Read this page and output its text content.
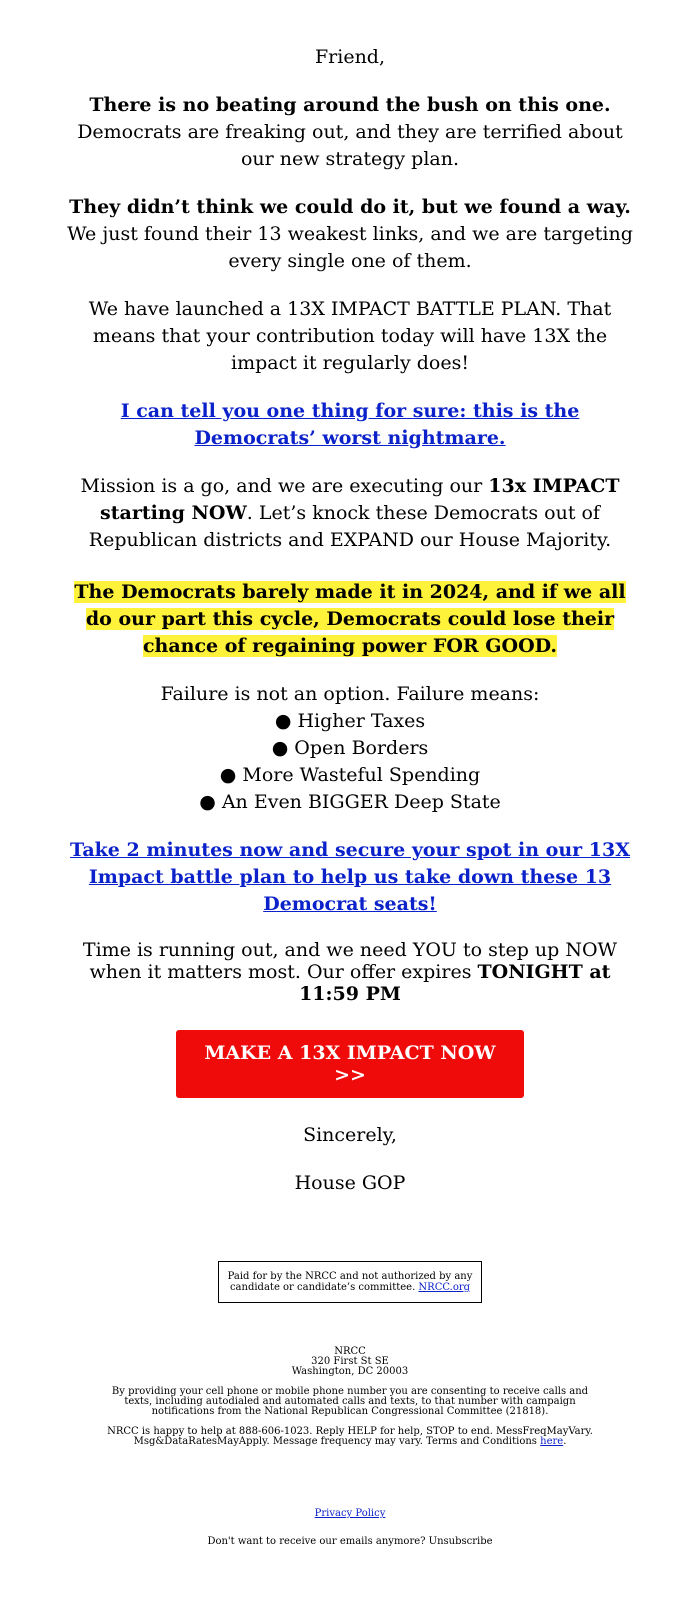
Friend,

There is no beating around the bush on this one. Democrats are freaking out, and they are terrified about our new strategy plan.

They didn’t think we could do it, but we found a way. We just found their 13 weakest links, and we are targeting every single one of them.

We have launched a 13X IMPACT BATTLE PLAN. That means that your contribution today will have 13X the impact it regularly does!

I can tell you one thing for sure: this is the Democrats’ worst nightmare.

Mission is a go, and we are executing our 13x IMPACT starting NOW. Let’s knock these Democrats out of Republican districts and EXPAND our House Majority.

The Democrats barely made it in 2024, and if we all do our part this cycle, Democrats could lose their chance of regaining power FOR GOOD.

Failure is not an option. Failure means:

● Higher Taxes
● Open Borders
● More Wasteful Spending
● An Even BIGGER Deep State

Take 2 minutes now and secure your spot in our 13X Impact battle plan to help us take down these 13 Democrat seats!

Time is running out, and we need YOU to step up NOW when it matters most. Our offer expires TONIGHT at 11:59 PM

MAKE A 13X IMPACT NOW >>

Sincerely,

House GOP

Paid for by the NRCC and not authorized by any candidate or candidate’s committee. NRCC.org
NRCC
320 First St SE
Washington, DC 20003
By providing your cell phone or mobile phone number you are consenting to receive calls and texts, including autodialed and automated calls and texts, to that number with campaign notifications from the National Republican Congressional Committee (21818).
NRCC is happy to help at 888-606-1023. Reply HELP for help, STOP to end. MessFreqMayVary. Msg&DataRatesMayApply. Message frequency may vary. Terms and Conditions here.
Privacy Policy
Don't want to receive our emails anymore? Unsubscribe
